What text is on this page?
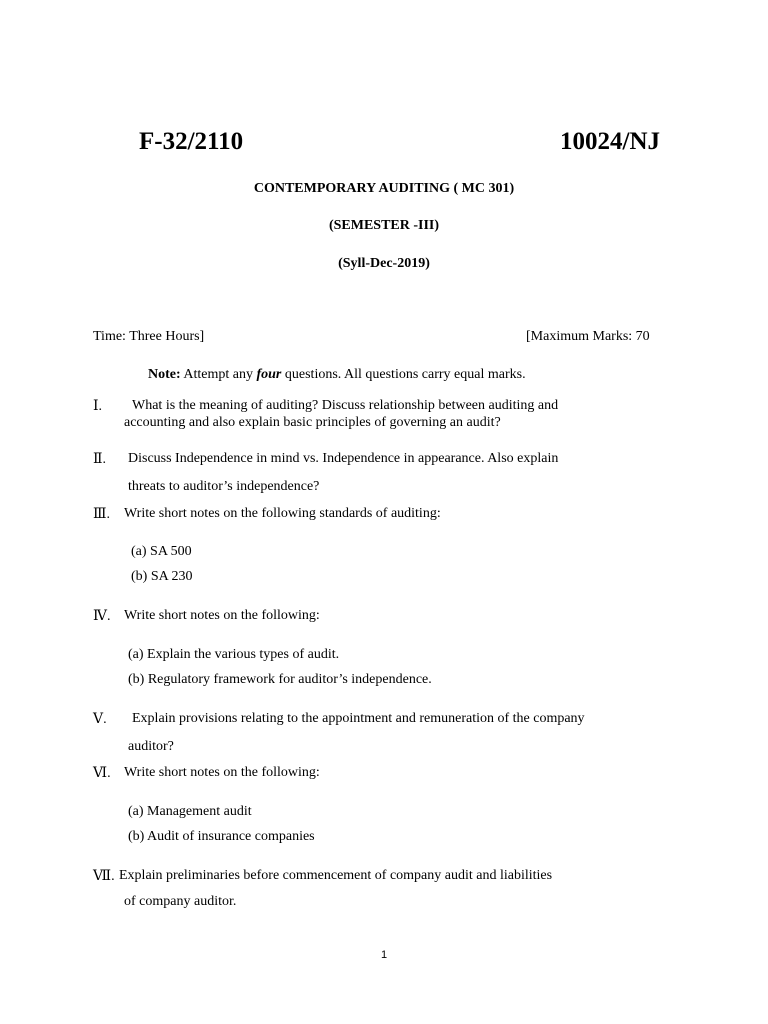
F-32/2110	10024/NJ
CONTEMPORARY AUDITING ( MC 301)
(SEMESTER -III)
(Syll-Dec-2019)
Time: Three Hours]	[Maximum Marks: 70
Note: Attempt any four questions. All questions carry equal marks.
Ⅰ. What is the meaning of auditing? Discuss relationship between auditing and
accounting and also explain basic principles of governing an audit?
Ⅱ. Discuss Independence in mind vs. Independence in appearance. Also explain
threats to auditor’s independence?
Ⅲ. Write short notes on the following standards of auditing:
(a) SA 500
(b) SA 230
Ⅳ. Write short notes on the following:
(a) Explain the various types of audit.
(b) Regulatory framework for auditor’s independence.
Ⅴ. Explain provisions relating to the appointment and remuneration of the company
auditor?
Ⅵ. Write short notes on the following:
(a) Management audit
(b) Audit of insurance companies
Ⅶ. Explain preliminaries before commencement of company audit and liabilities
of company auditor.
1
